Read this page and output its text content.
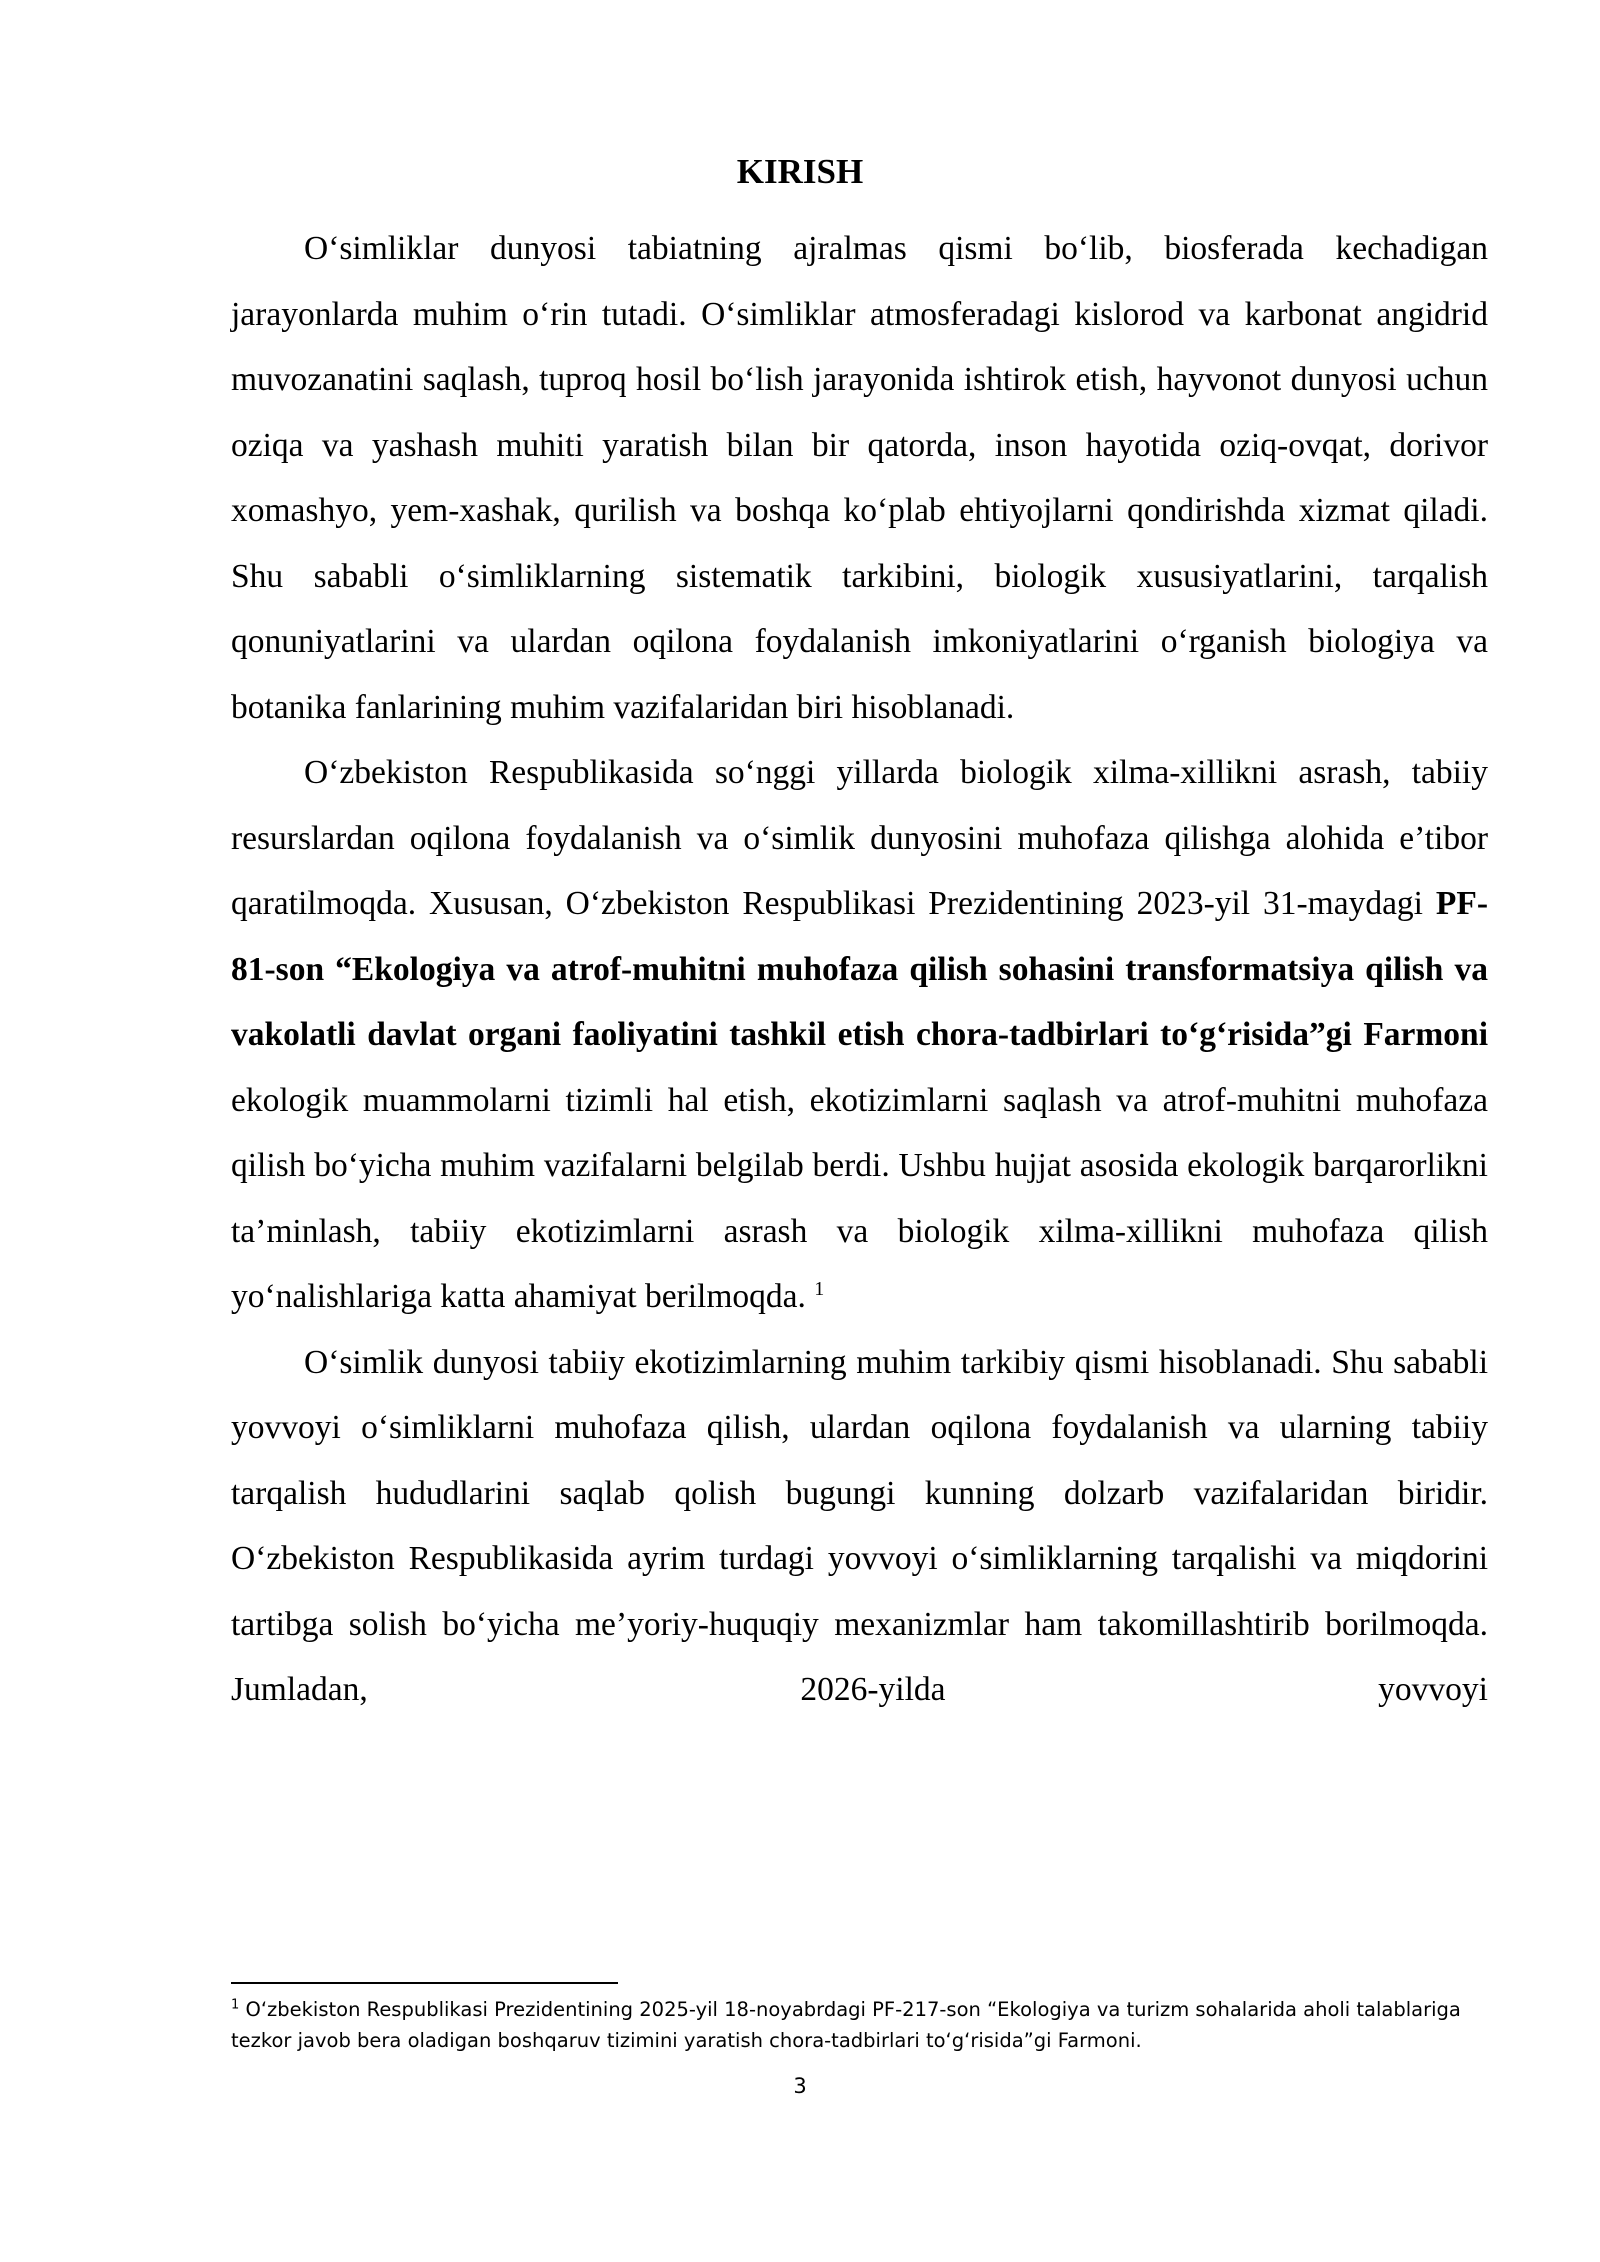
KIRISH

O‘simliklar dunyosi tabiatning ajralmas qismi bo‘lib, biosferada kechadigan jarayonlarda muhim o‘rin tutadi. O‘simliklar atmosferadagi kislorod va karbonat angidrid muvozanatini saqlash, tuproq hosil bo‘lish jarayonida ishtirok etish, hayvonot dunyosi uchun oziqa va yashash muhiti yaratish bilan bir qatorda, inson hayotida oziq-ovqat, dorivor xomashyo, yem-xashak, qurilish va boshqa ko‘plab ehtiyojlarni qondirishda xizmat qiladi. Shu sababli o‘simliklarning sistematik tarkibini, biologik xususiyatlarini, tarqalish qonuniyatlarini va ulardan oqilona foydalanish imkoniyatlarini o‘rganish biologiya va botanika fanlarining muhim vazifalaridan biri hisoblanadi.

O‘zbekiston Respublikasida so‘nggi yillarda biologik xilma-xillikni asrash, tabiiy resurslardan oqilona foydalanish va o‘simlik dunyosini muhofaza qilishga alohida e’tibor qaratilmoqda. Xususan, O‘zbekiston Respublikasi Prezidentining 2023-yil 31-maydagi PF-81-son “Ekologiya va atrof-muhitni muhofaza qilish sohasini transformatsiya qilish va vakolatli davlat organi faoliyatini tashkil etish chora-tadbirlari to‘g‘risida”gi Farmoni ekologik muammolarni tizimli hal etish, ekotizimlarni saqlash va atrof-muhitni muhofaza qilish bo‘yicha muhim vazifalarni belgilab berdi. Ushbu hujjat asosida ekologik barqarorlikni ta’minlash, tabiiy ekotizimlarni asrash va biologik xilma-xillikni muhofaza qilish yo‘nalishlariga katta ahamiyat berilmoqda. $^1$

O‘simlik dunyosi tabiiy ekotizimlarning muhim tarkibiy qismi hisoblanadi. Shu sababli yovvoyi o‘simliklarni muhofaza qilish, ulardan oqilona foydalanish va ularning tabiiy tarqalish hududlarini saqlab qolish bugungi kunning dolzarb vazifalaridan biridir. O‘zbekiston Respublikasida ayrim turdagi yovvoyi o‘simliklarning tarqalishi va miqdorini tartibga solish bo‘yicha me’yoriy-huquqiy mexanizmlar ham takomillashtirib borilmoqda. Jumladan, 2026-yilda yovvoyi

$^1$ O‘zbekiston Respublikasi Prezidentining 2025-yil 18-noyabrdagi PF-217-son “Ekologiya va turizm sohalarida aholi talablariga tezkor javob bera oladigan boshqaruv tizimini yaratish chora-tadbirlari to‘g‘risida”gi Farmoni.
3
